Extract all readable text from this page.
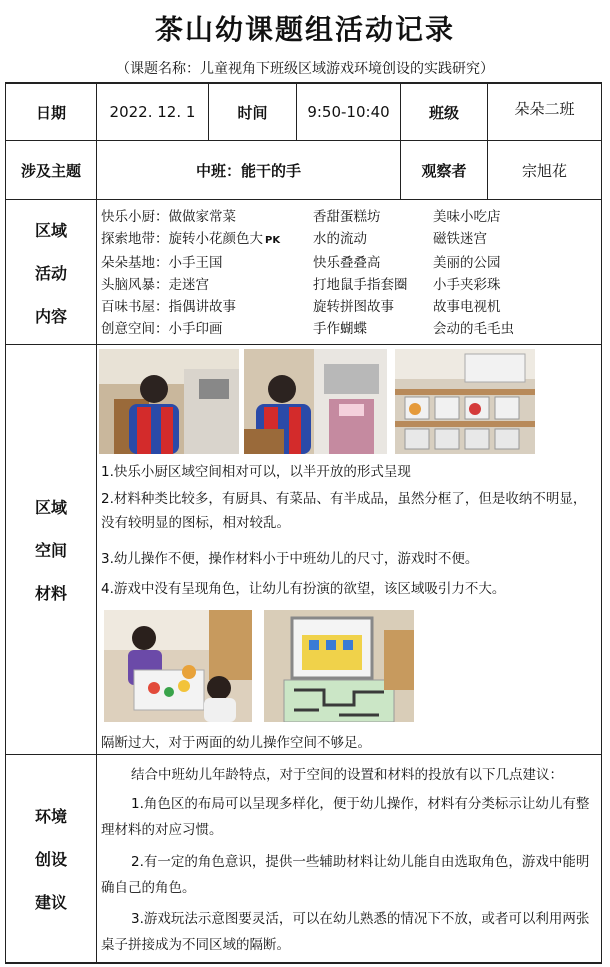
茶山幼课题组活动记录
（课题名称：儿童视角下班级区域游戏环境创设的实践研究）
日期	2022. 12. 1	时间	9:50-10:40	班级	朵朵二班
涉及主题	中班：能干的手	观察者	宗旭花
区域
活动
内容
快乐小厨：做做家常菜	香甜蛋糕坊	美味小吃店
探索地带：旋转小花颜色大 PK	水的流动	磁铁迷宫
朵朵基地：小手王国	快乐叠叠高	美丽的公园
头脑风暴：走迷宫	打地鼠手指套圈	小手夹彩珠
百味书屋：指偶讲故事	旋转拼图故事	故事电视机
创意空间：小手印画	手作蝴蝶	会动的毛毛虫
区域
空间
材料
1.快乐小厨区域空间相对可以，以半开放的形式呈现
2.材料种类比较多，有厨具、有菜品、有半成品，虽然分框了，但是收纳不明显，没有较明显的图标，相对较乱。
3.幼儿操作不便，操作材料小于中班幼儿的尺寸，游戏时不便。
4.游戏中没有呈现角色，让幼儿有扮演的欲望，该区域吸引力不大。
隔断过大，对于两面的幼儿操作空间不够足。
环境
创设
建议
结合中班幼儿年龄特点，对于空间的设置和材料的投放有以下几点建议：
1.角色区的布局可以呈现多样化，便于幼儿操作，材料有分类标示让幼儿有整理材料的对应习惯。
2.有一定的角色意识，提供一些辅助材料让幼儿能自由选取角色，游戏中能明确自己的角色。
3.游戏玩法示意图要灵活，可以在幼儿熟悉的情况下不放，或者可以利用两张桌子拼接成为不同区域的隔断。
